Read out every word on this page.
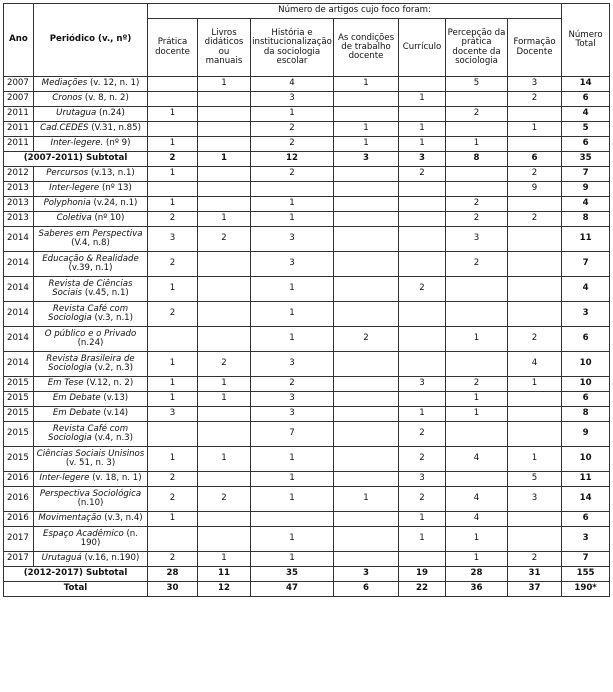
Ano	Periódico (v., nº)	Número de artigos cujo foco foram:							Número Total
		Prática docente	Livros didáticos ou manuais	História e institucionalização da sociologia escolar	As condições de trabalho docente	Currículo	Percepção da prática docente da sociologia	Formação Docente	
2007	Mediações (v. 12, n. 1)		1	4	1		5	3	14
2007	Cronos (v. 8, n. 2)			3		1		2	6
2011	Urutagua (n.24)	1		1			2		4
2011	Cad.CEDES (V.31, n.85)			2	1	1		1	5
2011	Inter-legere. (nº 9)	1		2	1	1	1		6
(2007-2011) Subtotal		2	1	12	3	3	8	6	35
2012	Percursos (v.13, n.1)	1		2		2		2	7
2013	Inter-legere (nº 13)							9	9
2013	Polyphonia (v.24, n.1)	1		1			2		4
2013	Coletiva (nº 10)	2	1	1			2	2	8
2014	Saberes em Perspectiva (V.4, n.8)	3	2	3			3		11
2014	Educação & Realidade (v.39, n.1)	2		3			2		7
2014	Revista de Ciências Sociais (v.45, n.1)	1		1		2			4
2014	Revista Café com Sociologia (v.3, n.1)	2		1					3
2014	O público e o Privado (n.24)			1	2		1	2	6
2014	Revista Brasileira de Sociologia (v.2, n.3)	1	2	3				4	10
2015	Em Tese (V.12, n. 2)	1	1	2		3	2	1	10
2015	Em Debate (v.13)	1	1	3			1		6
2015	Em Debate (v.14)	3		3		1	1		8
2015	Revista Café com Sociologia (v.4, n.3)			7		2			9
2015	Ciências Sociais Unisinos (v. 51, n. 3)	1	1	1		2	4	1	10
2016	Inter-legere (v. 18, n. 1)	2		1		3		5	11
2016	Perspectiva Sociológica (n.10)	2	2	1	1	2	4	3	14
2016	Movimentação (v.3, n.4)	1				1	4		6
2017	Espaço Acadêmico (n. 190)			1		1	1		3
2017	Urutaguá (v.16, n.190)	2	1	1			1	2	7
(2012-2017) Subtotal		28	11	35	3	19	28	31	155
Total		30	12	47	6	22	36	37	190*
